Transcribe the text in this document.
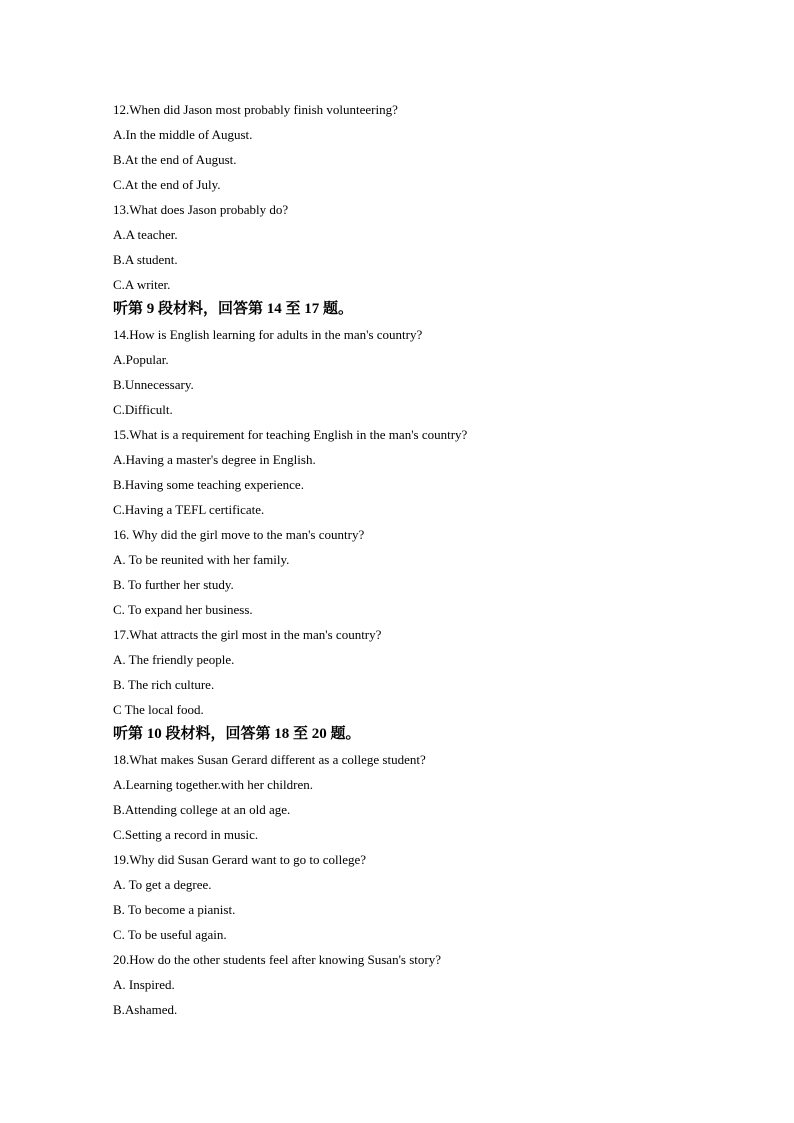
12.When did Jason most probably finish volunteering?
A.In the middle of August.
B.At the end of August.
C.At the end of July.
13.What does Jason probably do?
A.A teacher.
B.A student.
C.A writer.
听第 9 段材料，回答第 14 至 17 题。
14.How is English learning for adults in the man's country?
A.Popular.
B.Unnecessary.
C.Difficult.
15.What is a requirement for teaching English in the man's country?
A.Having a master's degree in English.
B.Having some teaching experience.
C.Having a TEFL certificate.
16. Why did the girl move to the man's country?
A. To be reunited with her family.
B. To further her study.
C. To expand her business.
17.What attracts the girl most in the man's country?
A. The friendly people.
B. The rich culture.
C The local food.
听第 10 段材料，回答第 18 至 20 题。
18.What makes Susan Gerard different as a college student?
A.Learning together.with her children.
B.Attending college at an old age.
C.Setting a record in music.
19.Why did Susan Gerard want to go to college?
A. To get a degree.
B. To become a pianist.
C. To be useful again.
20.How do the other students feel after knowing Susan's story?
A. Inspired.
B.Ashamed.
